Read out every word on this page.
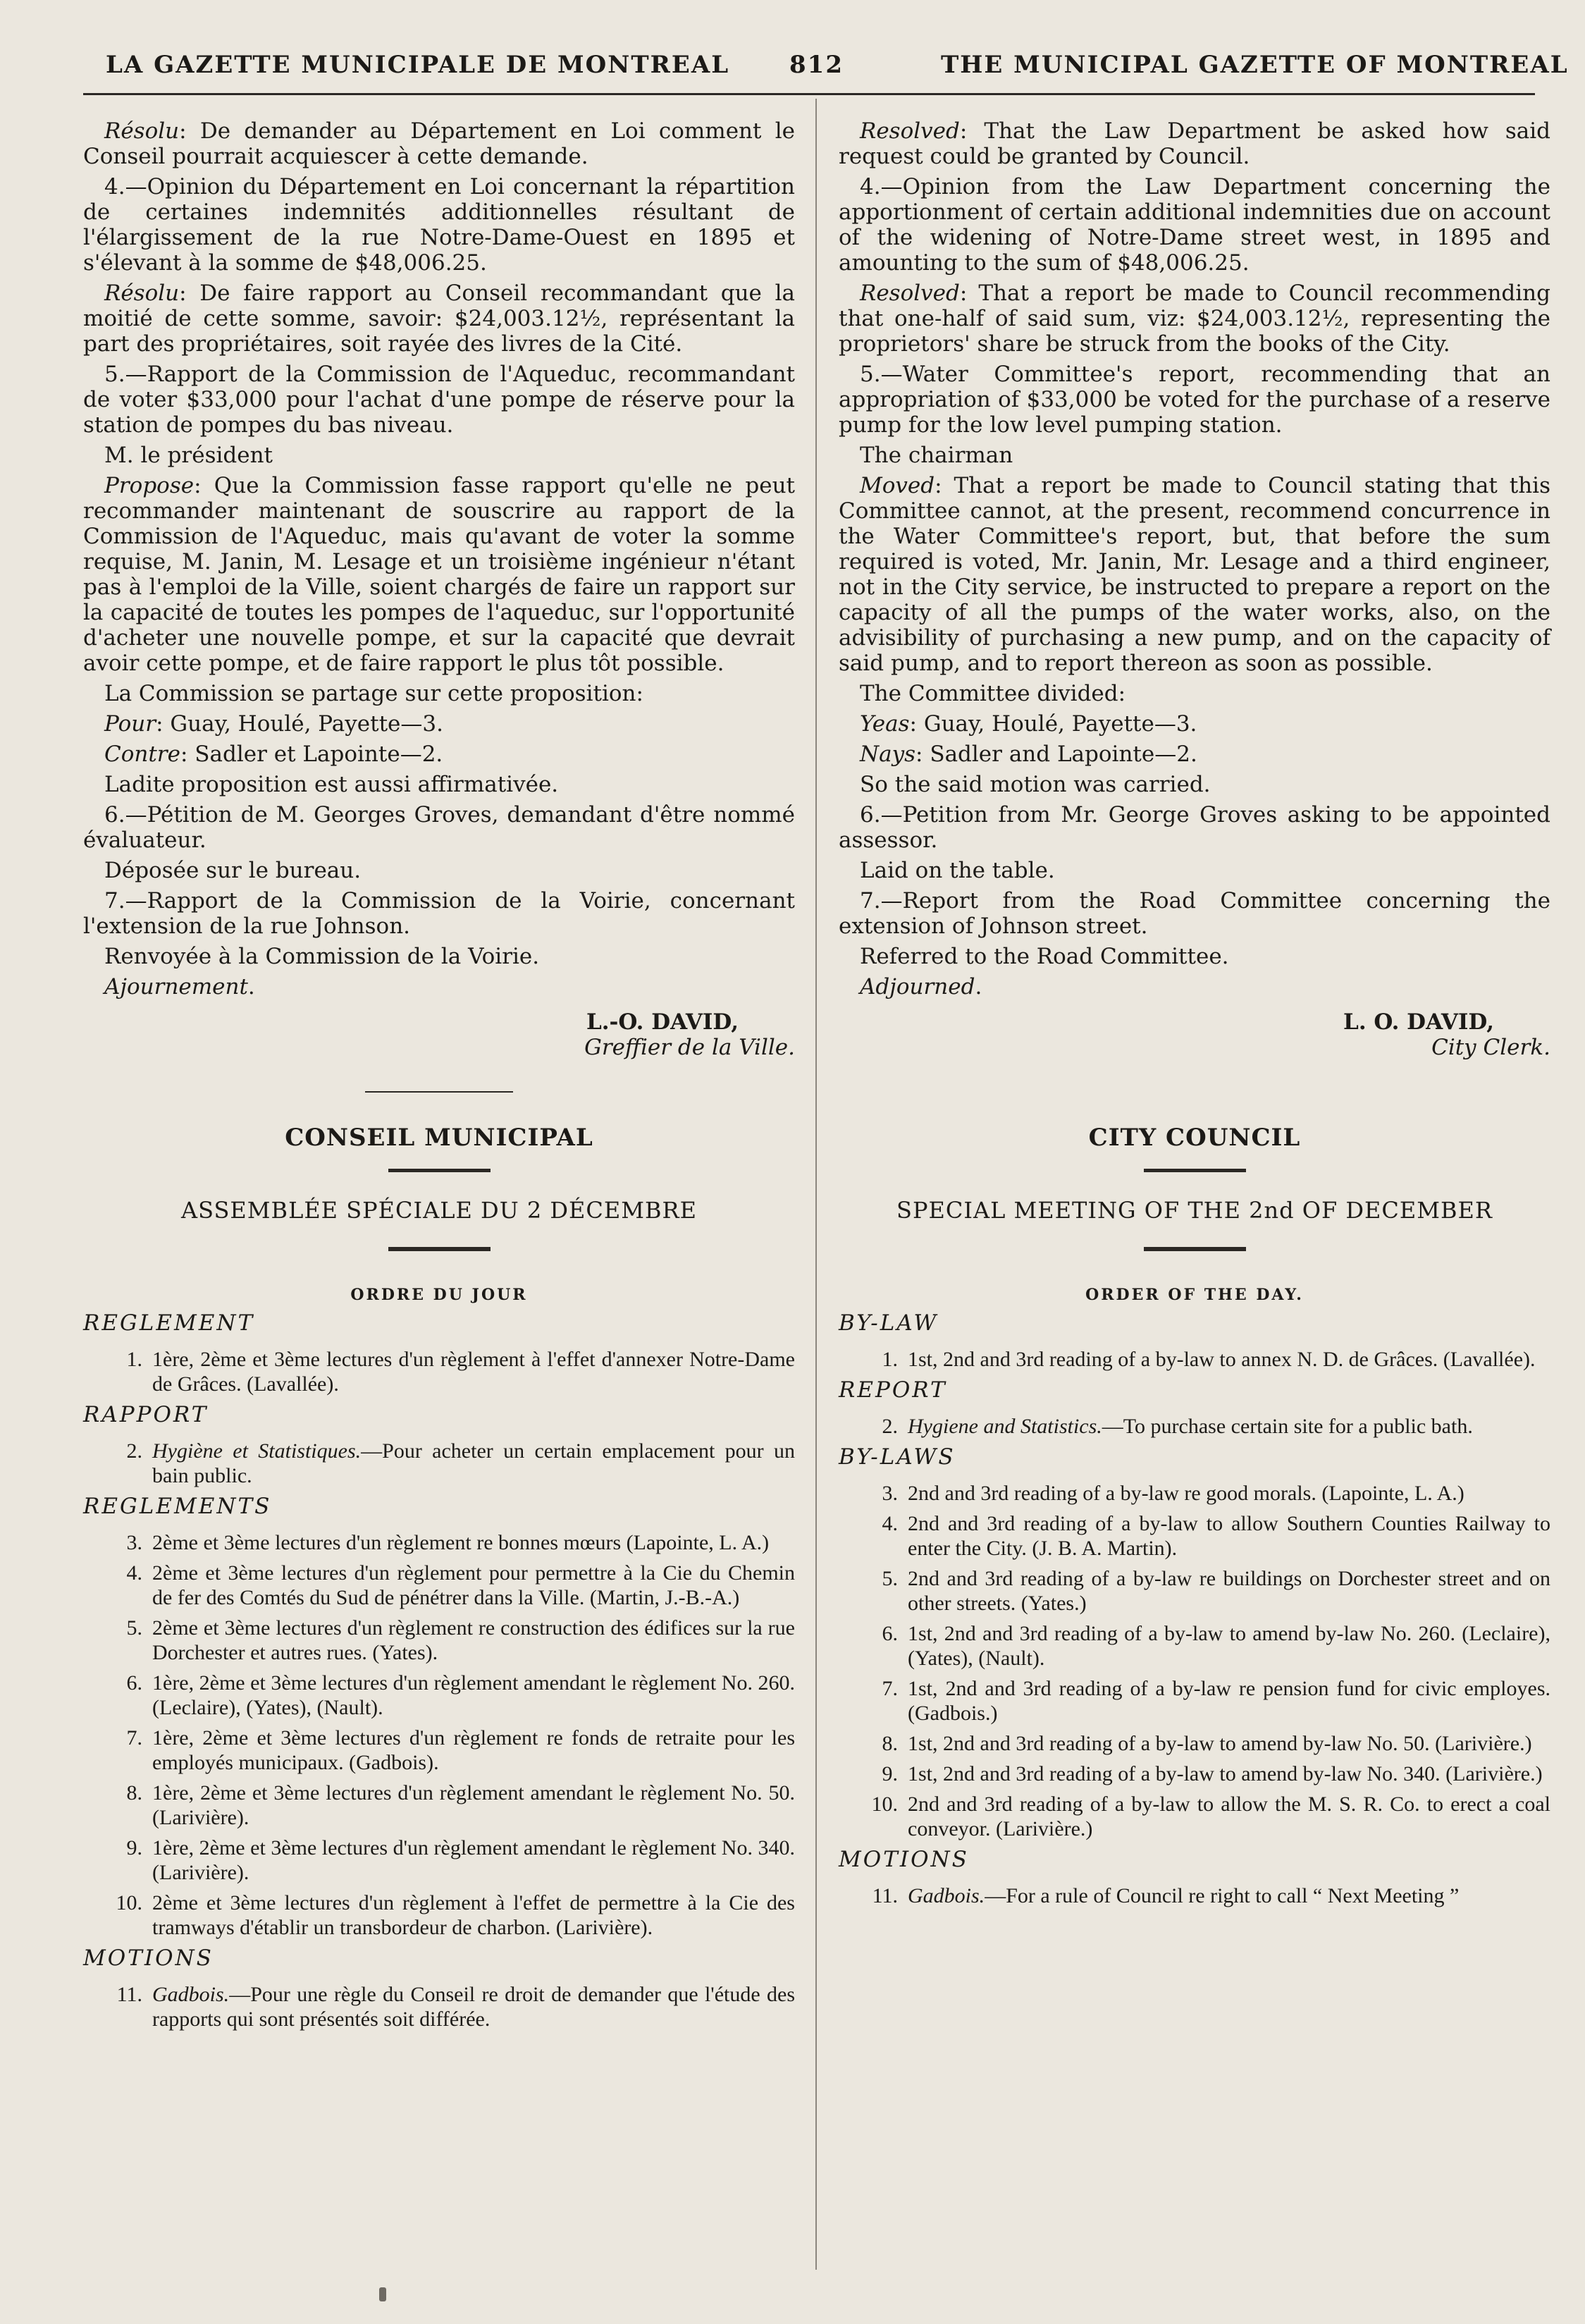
LA GAZETTE MUNICIPALE DE MONTREAL 812	THE MUNICIPAL GAZETTE OF MONTREAL

Résolu: De demander au Département en Loi comment le Conseil pourrait acquiescer à cette demande.

4.—Opinion du Département en Loi concernant la répartition de certaines indemnités additionnelles résultant de l'élargissement de la rue Notre-Dame-Ouest en 1895 et s'élevant à la somme de $48,006.25.

Résolu: De faire rapport au Conseil recommandant que la moitié de cette somme, savoir: $24,003.12½, représentant la part des propriétaires, soit rayée des livres de la Cité.

5.—Rapport de la Commission de l'Aqueduc, recommandant de voter $33,000 pour l'achat d'une pompe de réserve pour la station de pompes du bas niveau.

M. le président

Propose: Que la Commission fasse rapport qu'elle ne peut recommander maintenant de souscrire au rapport de la Commission de l'Aqueduc, mais qu'avant de voter la somme requise, M. Janin, M. Lesage et un troisième ingénieur n'étant pas à l'emploi de la Ville, soient chargés de faire un rapport sur la capacité de toutes les pompes de l'aqueduc, sur l'opportunité d'acheter une nouvelle pompe, et sur la capacité que devrait avoir cette pompe, et de faire rapport le plus tôt possible.

La Commission se partage sur cette proposition:

Pour: Guay, Houlé, Payette—3.

Contre: Sadler et Lapointe—2.

Ladite proposition est aussi affirmativée.

6.—Pétition de M. Georges Groves, demandant d'être nommé évaluateur.

Déposée sur le bureau.

7.—Rapport de la Commission de la Voirie, concernant l'extension de la rue Johnson.

Renvoyée à la Commission de la Voirie.

Ajournement.

L.-O. DAVID,
Greffier de la Ville.

CONSEIL MUNICIPAL

ASSEMBLÉE SPÉCIALE DU 2 DÉCEMBRE

ORDRE DU JOUR

REGLEMENT

1. 1ère, 2ème et 3ème lectures d'un règlement à l'effet d'annexer Notre-Dame de Grâces. (Lavallée).

RAPPORT

2. Hygiène et Statistiques.—Pour acheter un certain emplacement pour un bain public.

REGLEMENTS

3. 2ème et 3ème lectures d'un règlement re bonnes mœurs (Lapointe, L. A.)
4. 2ème et 3ème lectures d'un règlement pour permettre à la Cie du Chemin de fer des Comtés du Sud de pénétrer dans la Ville. (Martin, J.-B.-A.)
5. 2ème et 3ème lectures d'un règlement re construction des édifices sur la rue Dorchester et autres rues. (Yates).
6. 1ère, 2ème et 3ème lectures d'un règlement amendant le règlement No. 260. (Leclaire), (Yates), (Nault).
7. 1ère, 2ème et 3ème lectures d'un règlement re fonds de retraite pour les employés municipaux. (Gadbois).
8. 1ère, 2ème et 3ème lectures d'un règlement amendant le règlement No. 50. (Larivière).
9. 1ère, 2ème et 3ème lectures d'un règlement amendant le règlement No. 340. (Larivière).
10. 2ème et 3ème lectures d'un règlement à l'effet de permettre à la Cie des tramways d'établir un transbordeur de charbon. (Larivière).

MOTIONS

11. Gadbois.—Pour une règle du Conseil re droit de demander que l'étude des rapports qui sont présentés soit différée.

Resolved: That the Law Department be asked how said request could be granted by Council.

4.—Opinion from the Law Department concerning the apportionment of certain additional indemnities due on account of the widening of Notre-Dame street west, in 1895 and amounting to the sum of $48,006.25.

Resolved: That a report be made to Council recommending that one-half of said sum, viz: $24,003.12½, representing the proprietors' share be struck from the books of the City.

5.—Water Committee's report, recommending that an appropriation of $33,000 be voted for the purchase of a reserve pump for the low level pumping station.

The chairman

Moved: That a report be made to Council stating that this Committee cannot, at the present, recommend concurrence in the Water Committee's report, but, that before the sum required is voted, Mr. Janin, Mr. Lesage and a third engineer, not in the City service, be instructed to prepare a report on the capacity of all the pumps of the water works, also, on the advisibility of purchasing a new pump, and on the capacity of said pump, and to report thereon as soon as possible.

The Committee divided:

Yeas: Guay, Houlé, Payette—3.

Nays: Sadler and Lapointe—2.

So the said motion was carried.

6.—Petition from Mr. George Groves asking to be appointed assessor.

Laid on the table.

7.—Report from the Road Committee concerning the extension of Johnson street.

Referred to the Road Committee.

Adjourned.

L. O. DAVID,
City Clerk.

CITY COUNCIL

SPECIAL MEETING OF THE 2nd OF DECEMBER

ORDER OF THE DAY.

BY-LAW

1. 1st, 2nd and 3rd reading of a by-law to annex N. D. de Grâces. (Lavallée).

REPORT

2. Hygiene and Statistics.—To purchase certain site for a public bath.

BY-LAWS

3. 2nd and 3rd reading of a by-law re good morals. (Lapointe, L. A.)
4. 2nd and 3rd reading of a by-law to allow Southern Counties Railway to enter the City. (J. B. A. Martin).
5. 2nd and 3rd reading of a by-law re buildings on Dorchester street and on other streets. (Yates.)
6. 1st, 2nd and 3rd reading of a by-law to amend by-law No. 260. (Leclaire), (Yates), (Nault).
7. 1st, 2nd and 3rd reading of a by-law re pension fund for civic employes. (Gadbois.)
8. 1st, 2nd and 3rd reading of a by-law to amend by-law No. 50. (Larivière.)
9. 1st, 2nd and 3rd reading of a by-law to amend by-law No. 340. (Larivière.)
10. 2nd and 3rd reading of a by-law to allow the M. S. R. Co. to erect a coal conveyor. (Larivière.)

MOTIONS

11. Gadbois.—For a rule of Council re right to call “ Next Meeting ”
